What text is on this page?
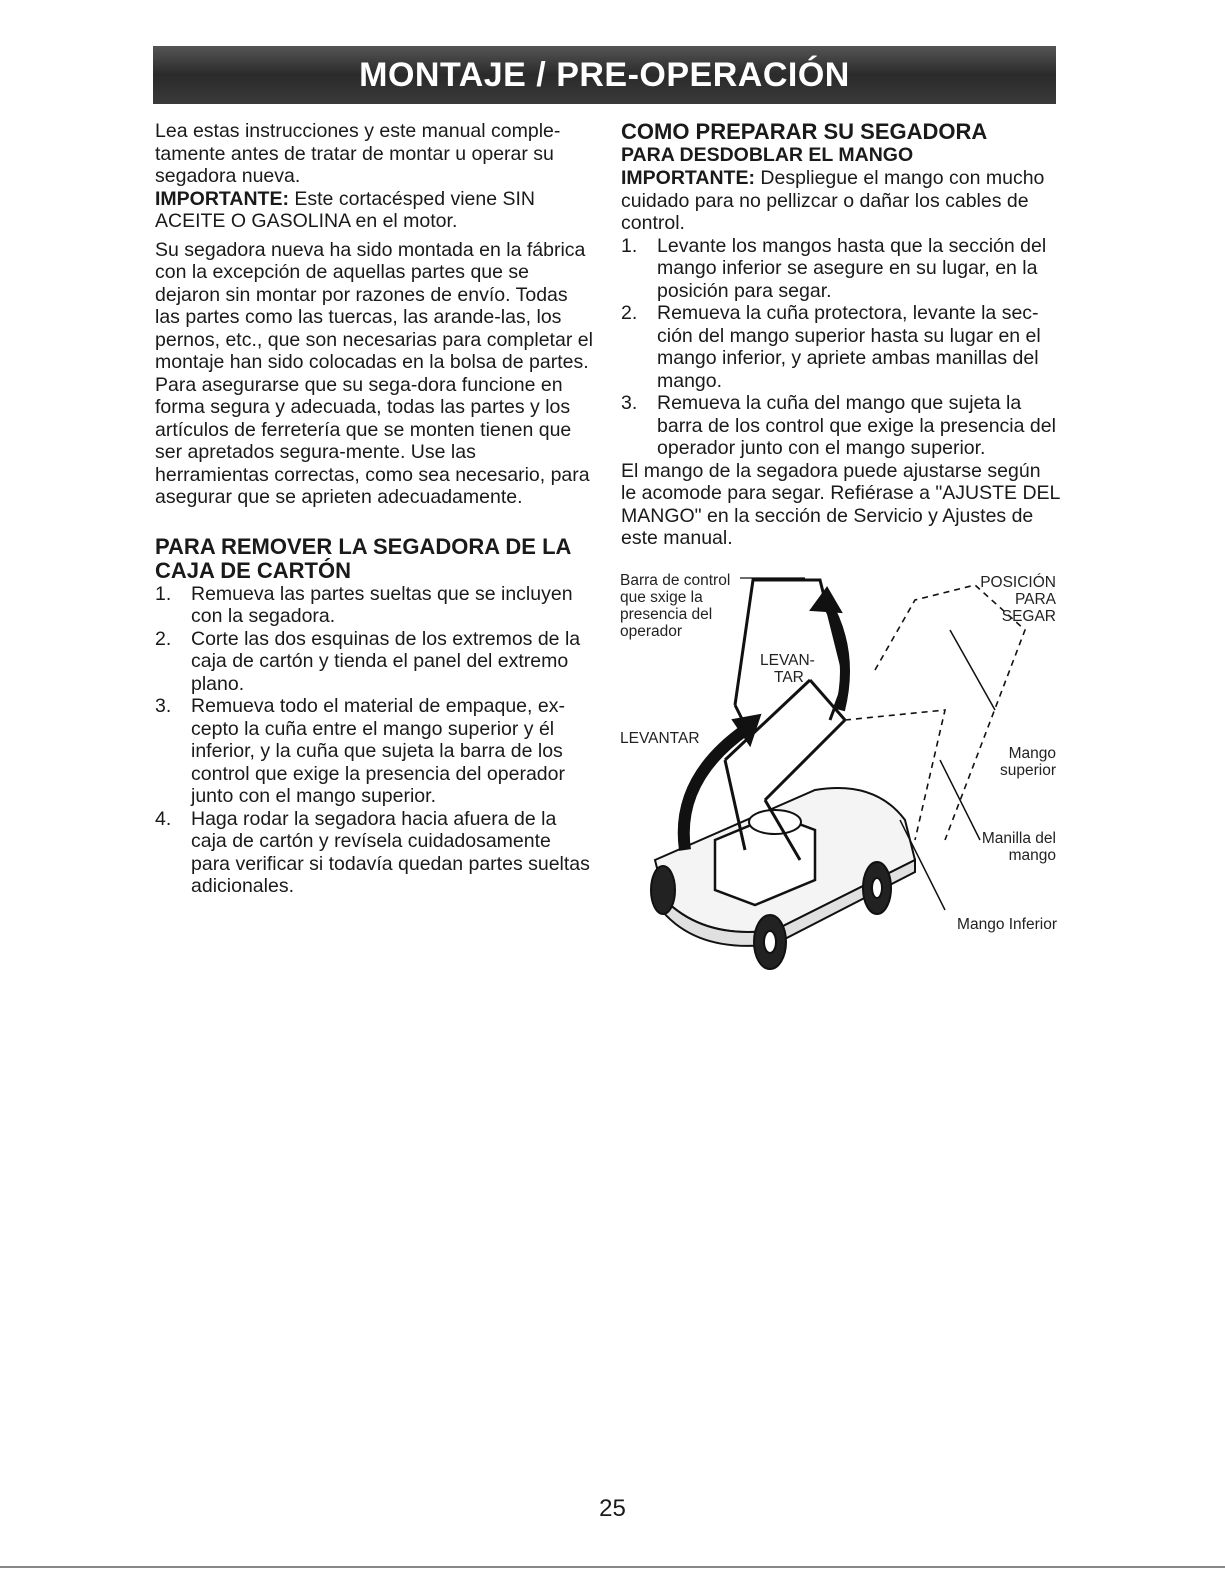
MONTAJE / PRE-OPERACIÓN

Lea estas instrucciones y este manual comple-tamente antes de tratar de montar u operar su segadora nueva.

IMPORTANTE: Este cortacésped viene SIN ACEITE O GASOLINA en el motor.

Su segadora nueva ha sido montada en la fábrica con la excepción de aquellas partes que se dejaron sin montar por razones de envío. Todas las partes como las tuercas, las arande-las, los pernos, etc., que son necesarias para completar el montaje han sido colocadas en la bolsa de partes. Para asegurarse que su sega-dora funcione en forma segura y adecuada, todas las partes y los artículos de ferretería que se monten tienen que ser apretados segura-mente. Use las herramientas correctas, como sea necesario, para asegurar que se aprieten adecuadamente.

PARA REMOVER LA SEGADORA DE LA CAJA DE CARTÓN
1.	Remueva las partes sueltas que se incluyen con la segadora.
2.	Corte las dos esquinas de los extremos de la caja de cartón y tienda el panel del extremo plano.
3.	Remueva todo el material de empaque, ex-cepto la cuña entre el mango superior y él inferior, y la cuña que sujeta la barra de los control que exige la presencia del operador junto con el mango superior.
4.	Haga rodar la segadora hacia afuera de la caja de cartón y revísela cuidadosamente para verificar si todavía quedan partes sueltas adicionales.
COMO PREPARAR SU SEGADORA
PARA DESDOBLAR EL MANGO

IMPORTANTE: Despliegue el mango con mucho cuidado para no pellizcar o dañar los cables de control.

1.	Levante los mangos hasta que la sección del mango inferior se asegure en su lugar, en la posición para segar.
2.	Remueva la cuña protectora, levante la sec-ción del mango superior hasta su lugar en el mango inferior, y apriete ambas manillas del mango.
3.	Remueva la cuña del mango que sujeta la barra de los control que exige la presencia del operador junto con el mango superior.

El mango de la segadora puede ajustarse según le acomode para segar. Refiérase a "AJUSTE DEL MANGO" en la sección de Servicio y Ajustes de este manual.

Barra de control que sxige la presencia del operador
POSICIÓN
PARA
SEGAR
LEVAN-
TAR
LEVANTAR
Mango
superior
Manilla del
mango
Mango Inferior
25
